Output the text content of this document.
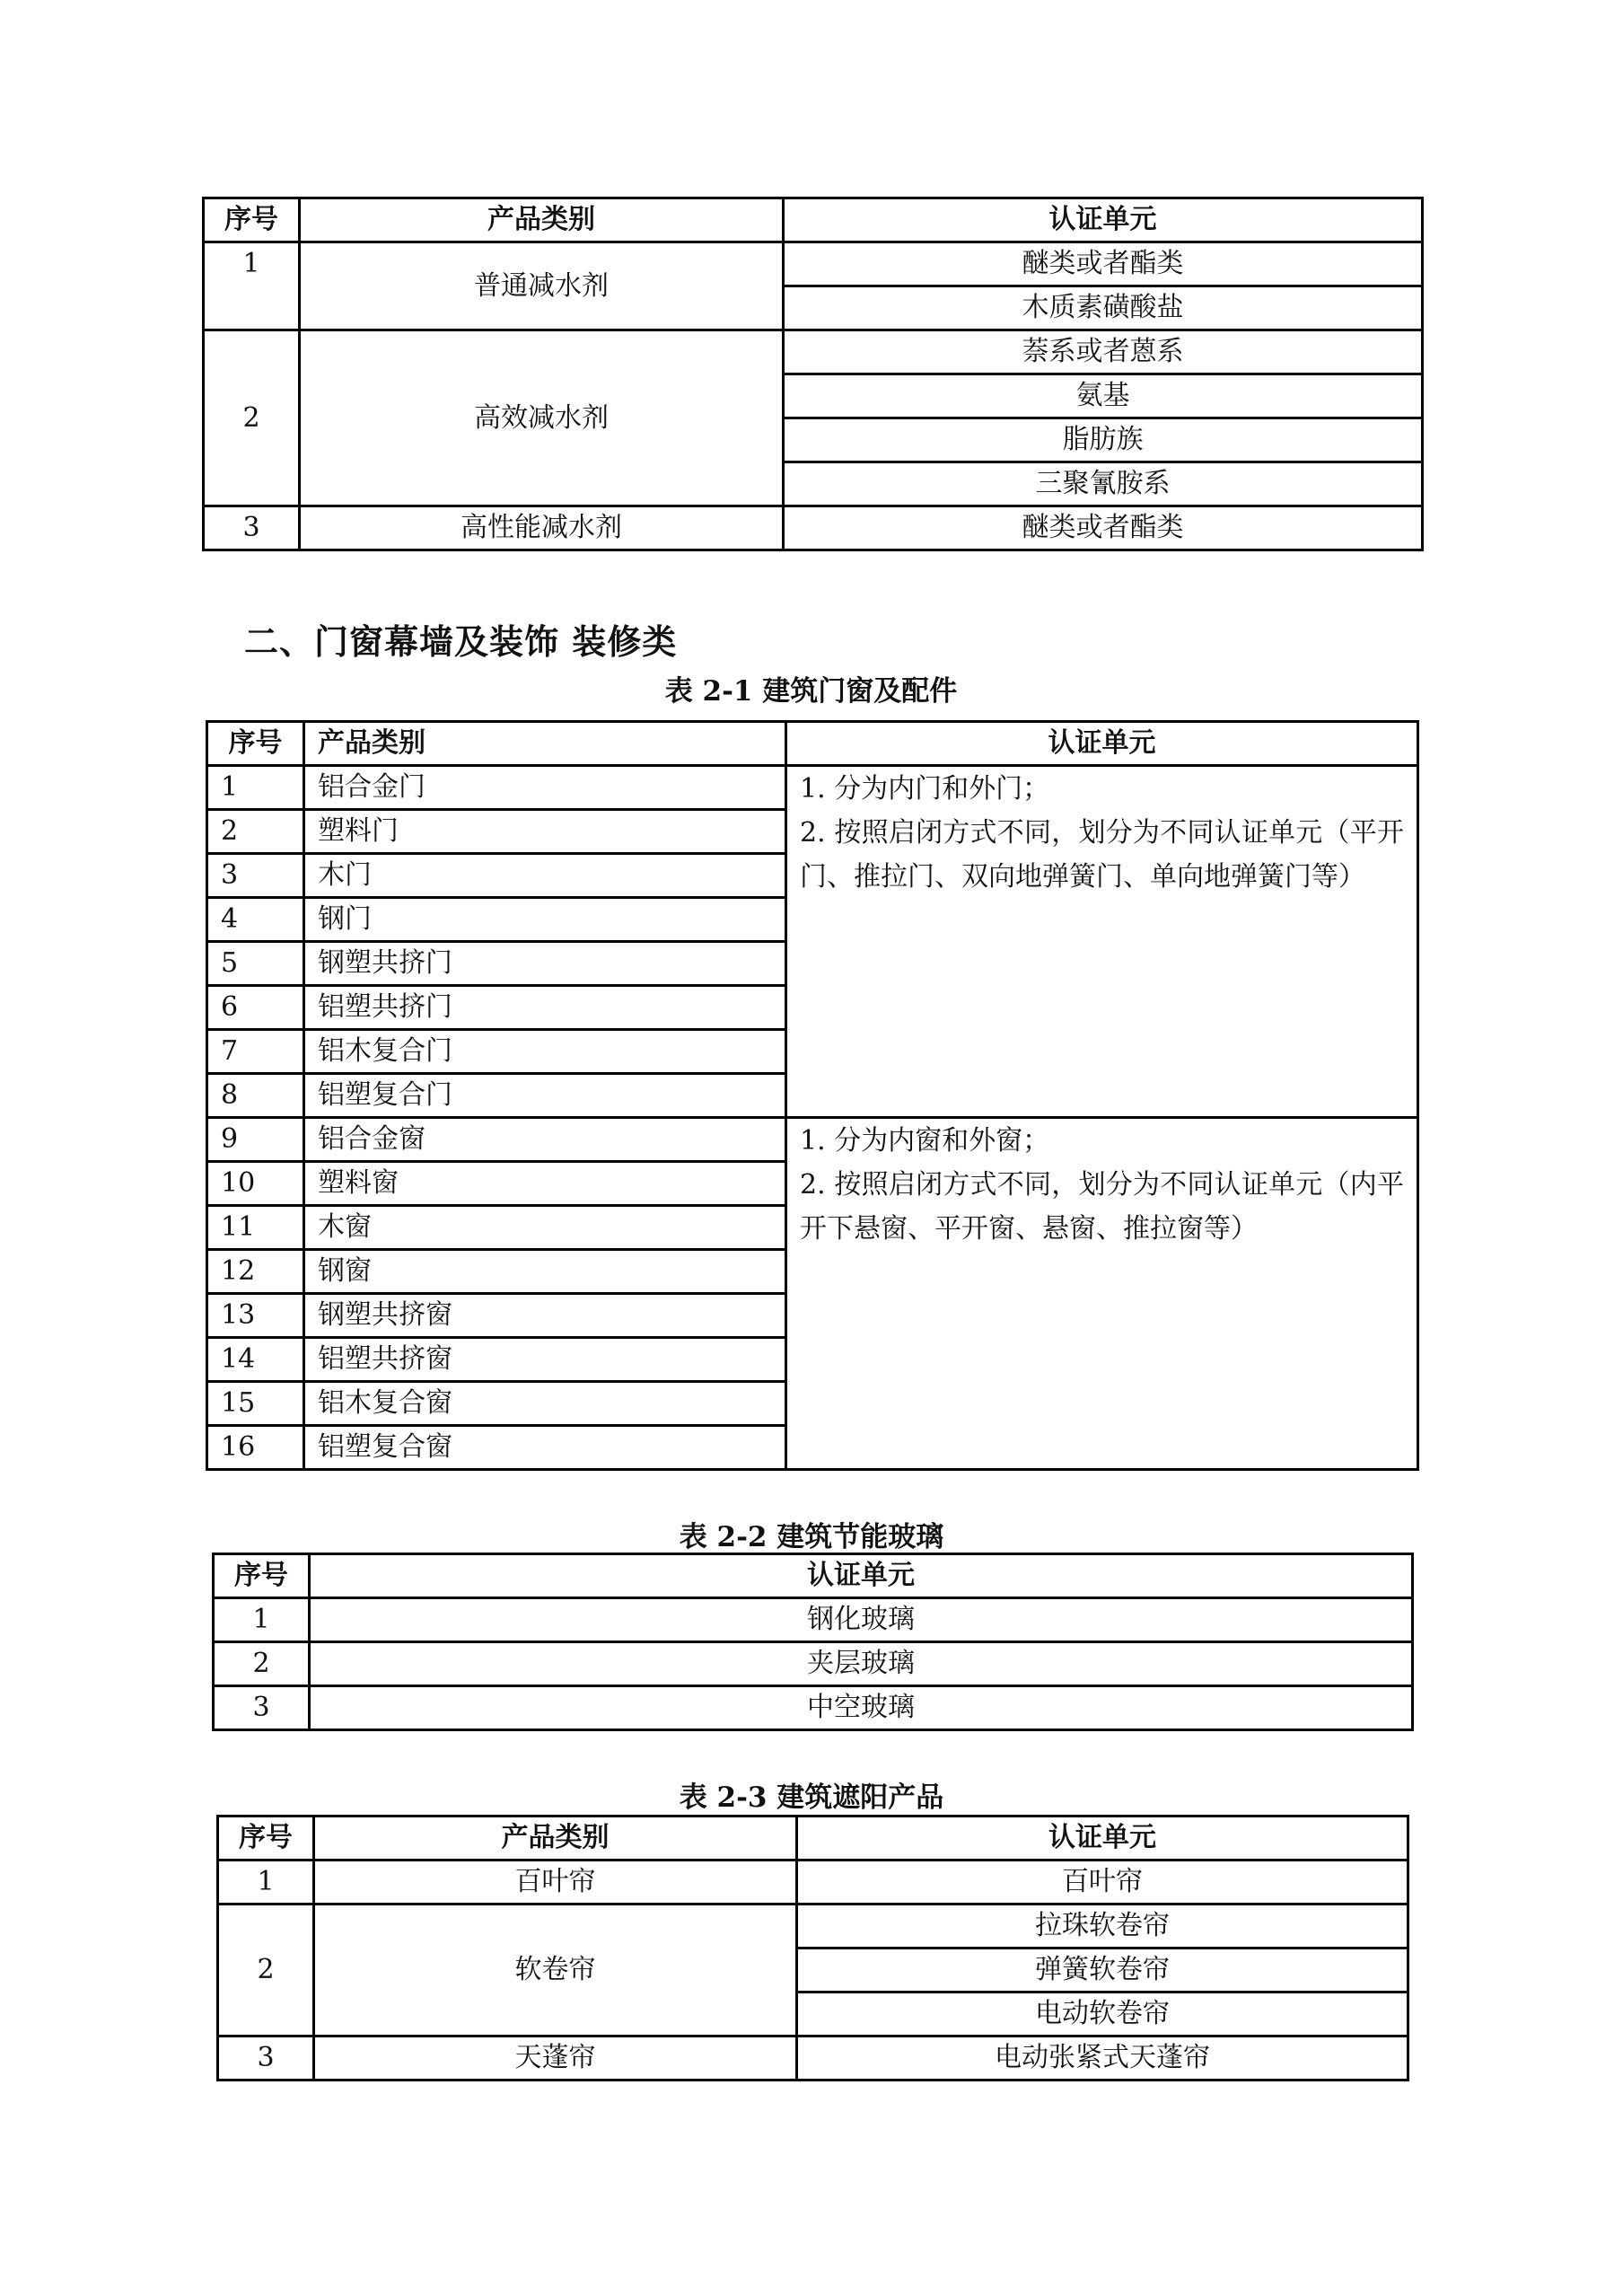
序号	产品类别	认证单元
1	普通减水剂	醚类或者酯类
		木质素磺酸盐
2	高效减水剂	萘系或者蒽系
		氨基
		脂肪族
		三聚氰胺系
3	高性能减水剂	醚类或者酯类
二、门窗幕墙及装饰 装修类
表 2-1 建筑门窗及配件
序号	产品类别	认证单元
1	铝合金门	1. 分为内门和外门；
2. 按照启闭方式不同，划分为不同认证单元（平开门、推拉门、双向地弹簧门、单向地弹簧门等）

2	塑料门	
3	木门	
4	钢门	
5	钢塑共挤门	
6	铝塑共挤门	
7	铝木复合门	
8	铝塑复合门	
9	铝合金窗	1. 分为内窗和外窗；
2. 按照启闭方式不同，划分为不同认证单元（内平开下悬窗、平开窗、悬窗、推拉窗等）

10	塑料窗	
11	木窗	
12	钢窗	
13	钢塑共挤窗	
14	铝塑共挤窗	
15	铝木复合窗	
16	铝塑复合窗	
表 2-2 建筑节能玻璃
序号	认证单元
1	钢化玻璃
2	夹层玻璃
3	中空玻璃
表 2-3 建筑遮阳产品
序号	产品类别	认证单元
1	百叶帘	百叶帘
2	软卷帘	拉珠软卷帘
		弹簧软卷帘
		电动软卷帘
3	天蓬帘	电动张紧式天蓬帘
